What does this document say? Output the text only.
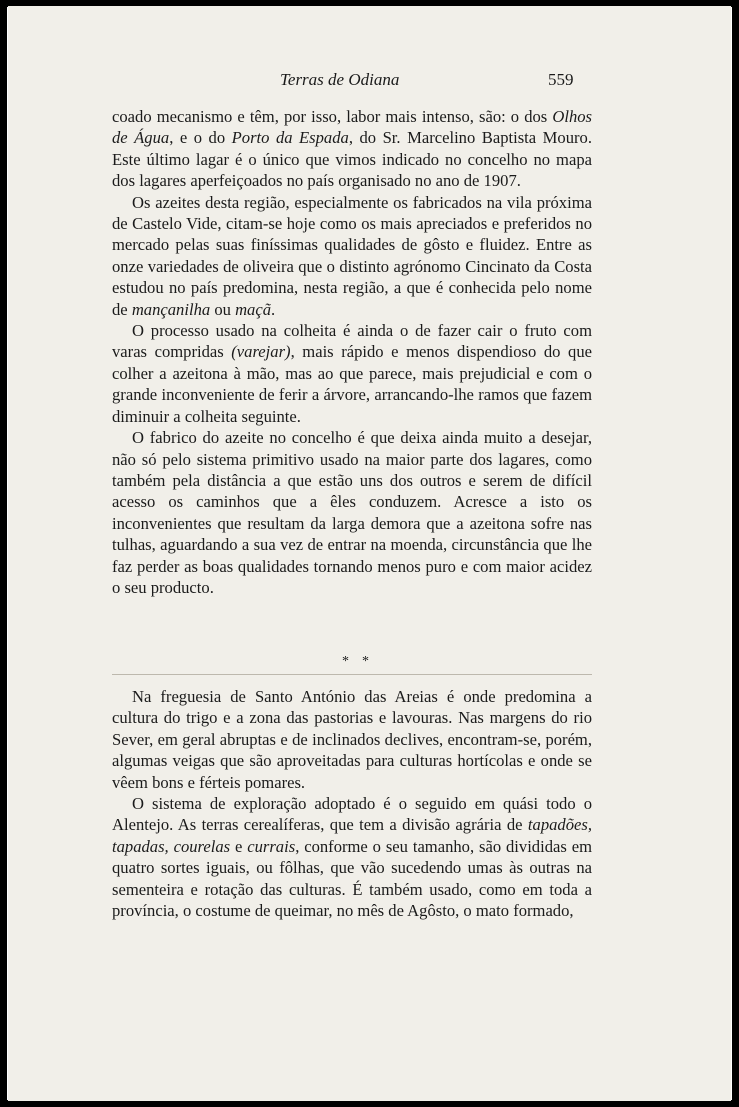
Terras de Odiana	559

coado mecanismo e têm, por isso, labor mais intenso, são: o dos Olhos de Água, e o do Porto da Espada, do Sr. Marcelino Baptista Mouro. Este último lagar é o único que vimos indicado no concelho no mapa dos lagares aperfeiçoados no país organisado no ano de 1907.

Os azeites desta região, especialmente os fabricados na vila próxima de Castelo Vide, citam-se hoje como os mais apreciados e preferidos no mercado pelas suas finíssimas qualidades de gôsto e fluidez. Entre as onze variedades de oliveira que o distinto agrónomo Cincinato da Costa estudou no país predomina, nesta região, a que é conhecida pelo nome de mançanilha ou maçã.

O processo usado na colheita é ainda o de fazer cair o fruto com varas compridas (varejar), mais rápido e menos dispendioso do que colher a azeitona à mão, mas ao que parece, mais prejudicial e com o grande inconveniente de ferir a árvore, arrancando-lhe ramos que fazem diminuir a colheita seguinte.

O fabrico do azeite no concelho é que deixa ainda muito a desejar, não só pelo sistema primitivo usado na maior parte dos lagares, como também pela distância a que estão uns dos outros e serem de difícil acesso os caminhos que a êles conduzem. Acresce a isto os inconvenientes que resultam da larga demora que a azeitona sofre nas tulhas, aguardando a sua vez de entrar na moenda, circunstância que lhe faz perder as boas qualidades tornando menos puro e com maior acidez o seu producto.

* *

Na freguesia de Santo António das Areias é onde predomina a cultura do trigo e a zona das pastorias e lavouras. Nas margens do rio Sever, em geral abruptas e de inclinados declives, encontram-se, porém, algumas veigas que são aproveitadas para culturas hortícolas e onde se vêem bons e férteis pomares.

O sistema de exploração adoptado é o seguido em quási todo o Alentejo. As terras cerealíferas, que tem a divisão agrária de tapadões, tapadas, courelas e currais, conforme o seu tamanho, são divididas em quatro sortes iguais, ou fôlhas, que vão sucedendo umas às outras na sementeira e rotação das culturas. É também usado, como em toda a província, o costume de queimar, no mês de Agôsto, o mato formado,
